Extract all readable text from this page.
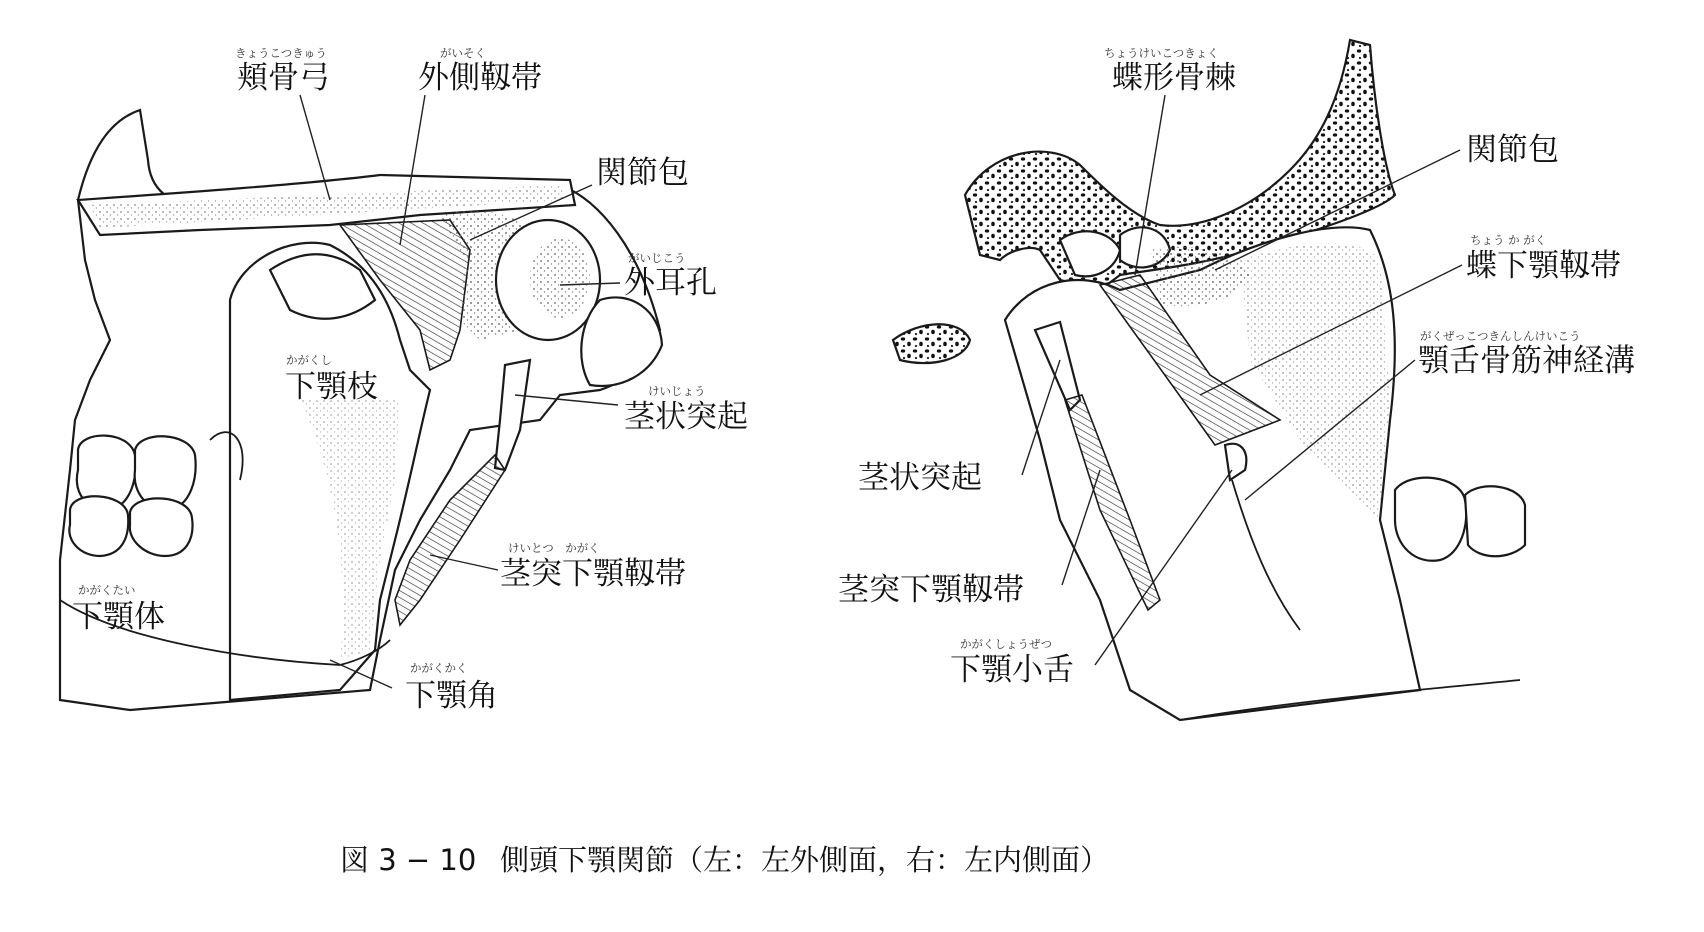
きょうこつきゅう
頬骨弓
がいそく
外側靱帯
関節包
がいじこう
外耳孔
かがくし
下顎枝	けいじょう
茎状突起
けいとつ　かがく
茎突下顎靱帯
かがくたい
下顎体
かがくかく
下顎角
ちょうけいこつきょく
蝶形骨棘
関節包
ちょう か がく
蝶下顎靱帯
がくぜっこつきんしんけいこう
顎舌骨筋神経溝
茎状突起
茎突下顎靱帯
かがくしょうぜつ
下顎小舌
図 3 − 10 側頭下顎関節（左：左外側面，右：左内側面）
